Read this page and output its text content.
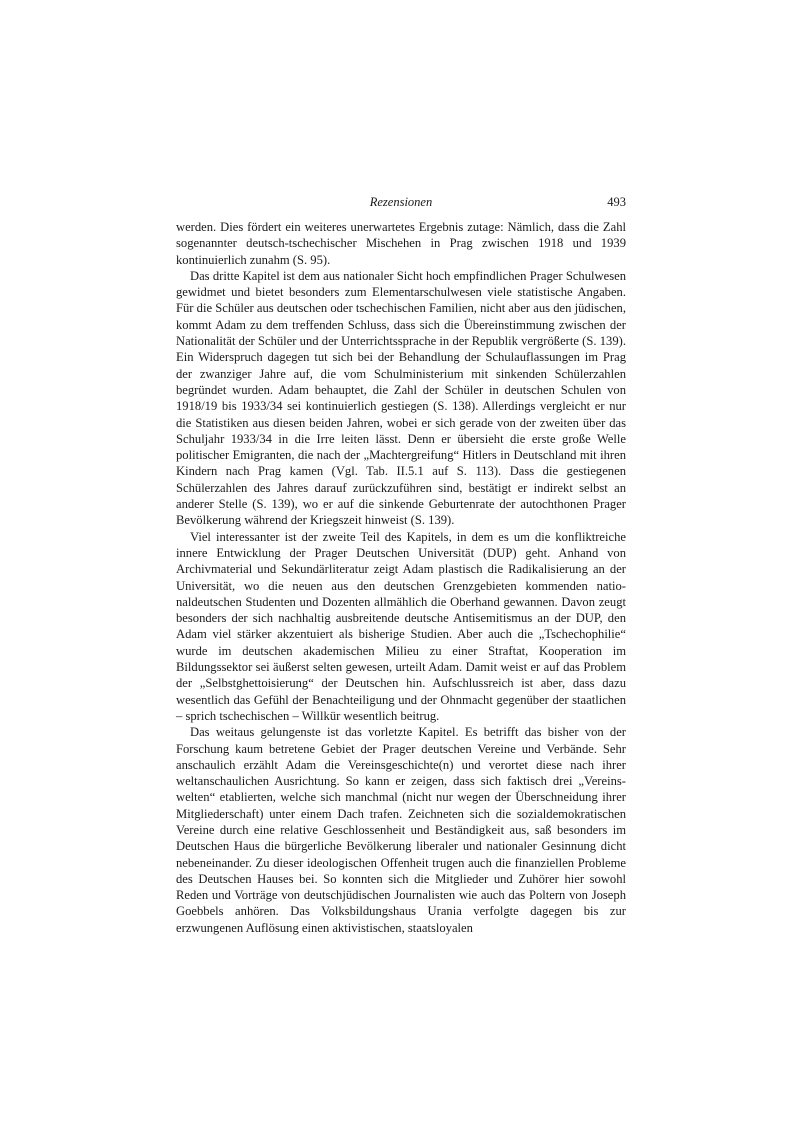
Rezensionen	493

werden. Dies fördert ein weiteres unerwartetes Ergebnis zutage: Nämlich, dass die Zahl sogenannter deutsch-tschechischer Mischehen in Prag zwischen 1918 und 1939 kontinuierlich zunahm (S. 95).

Das dritte Kapitel ist dem aus nationaler Sicht hoch empfindlichen Prager Schulwesen gewidmet und bietet besonders zum Elementarschulwesen viele statistische Angaben. Für die Schüler aus deutschen oder tschechischen Familien, nicht aber aus den jüdischen, kommt Adam zu dem treffenden Schluss, dass sich die Übereinstimmung zwischen der Nationalität der Schüler und der Unterrichtssprache in der Republik vergrößerte (S. 139). Ein Widerspruch dagegen tut sich bei der Behandlung der Schulauflassungen im Prag der zwanziger Jahre auf, die vom Schulministerium mit sinkenden Schülerzahlen begründet wurden. Adam behauptet, die Zahl der Schüler in deutschen Schulen von 1918/19 bis 1933/34 sei kontinuierlich gestiegen (S. 138). Allerdings vergleicht er nur die Statistiken aus diesen beiden Jahren, wobei er sich gerade von der zweiten über das Schuljahr 1933/34 in die Irre leiten lässt. Denn er übersieht die erste große Welle politischer Emigranten, die nach der „Machtergreifung“ Hitlers in Deutschland mit ihren Kindern nach Prag kamen (Vgl. Tab. II.5.1 auf S. 113). Dass die gestiegenen Schülerzahlen des Jahres darauf zurückzuführen sind, bestätigt er indirekt selbst an anderer Stelle (S. 139), wo er auf die sinkende Geburtenrate der autochthonen Prager Bevölkerung während der Kriegszeit hinweist (S. 139).

Viel interessanter ist der zweite Teil des Kapitels, in dem es um die konfliktreiche innere Entwicklung der Prager Deutschen Universität (DUP) geht. Anhand von Archivmaterial und Sekundärliteratur zeigt Adam plastisch die Radikalisierung an der Universität, wo die neuen aus den deutschen Grenzgebieten kommenden nationaldeutschen Studenten und Dozenten allmählich die Oberhand gewannen. Davon zeugt besonders der sich nachhaltig ausbreitende deutsche Antisemitismus an der DUP, den Adam viel stärker akzentuiert als bisherige Studien. Aber auch die „Tschechophilie“ wurde im deutschen akademischen Milieu zu einer Straftat, Kooperation im Bildungssektor sei äußerst selten gewesen, urteilt Adam. Damit weist er auf das Problem der „Selbstghettoisierung“ der Deutschen hin. Aufschlussreich ist aber, dass dazu wesentlich das Gefühl der Benachteiligung und der Ohnmacht gegenüber der staatlichen – sprich tschechischen – Willkür wesentlich beitrug.

Das weitaus gelungenste ist das vorletzte Kapitel. Es betrifft das bisher von der Forschung kaum betretene Gebiet der Prager deutschen Vereine und Verbände. Sehr anschaulich erzählt Adam die Vereinsgeschichte(n) und verortet diese nach ihrer weltanschaulichen Ausrichtung. So kann er zeigen, dass sich faktisch drei „Vereinswelten“ etablierten, welche sich manchmal (nicht nur wegen der Überschneidung ihrer Mitgliederschaft) unter einem Dach trafen. Zeichneten sich die sozialdemokratischen Vereine durch eine relative Geschlossenheit und Beständigkeit aus, saß besonders im Deutschen Haus die bürgerliche Bevölkerung liberaler und nationaler Gesinnung dicht nebeneinander. Zu dieser ideologischen Offenheit trugen auch die finanziellen Probleme des Deutschen Hauses bei. So konnten sich die Mitglieder und Zuhörer hier sowohl Reden und Vorträge von deutschjüdischen Journalisten wie auch das Poltern von Joseph Goebbels anhören. Das Volksbildungshaus Urania verfolgte dagegen bis zur erzwungenen Auflösung einen aktivistischen, staatsloyalen
